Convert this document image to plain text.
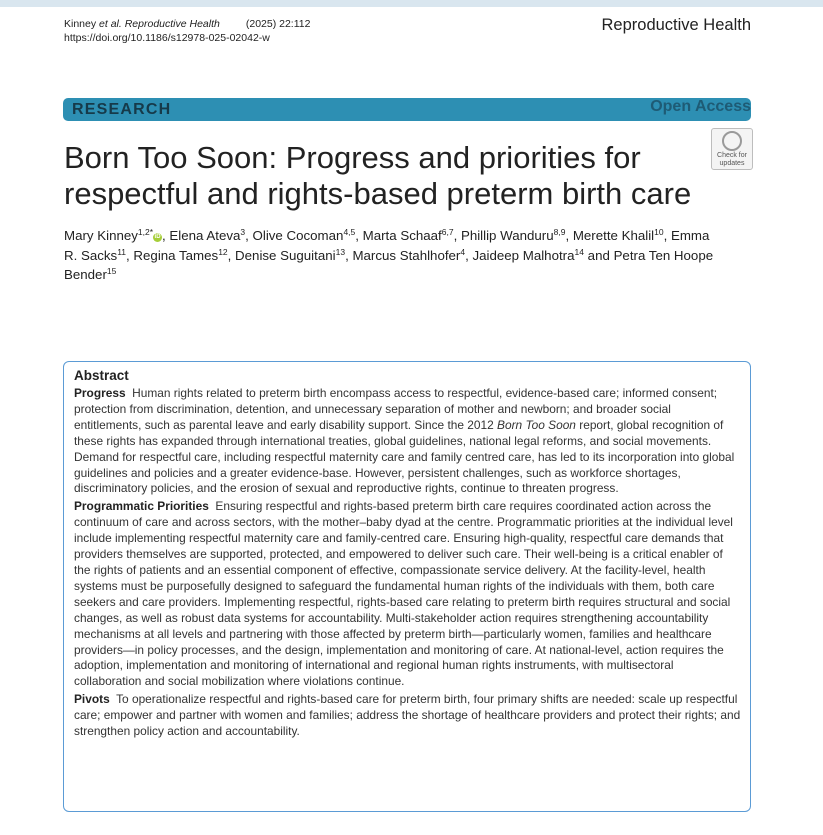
Kinney et al. Reproductive Health (2025) 22:112
https://doi.org/10.1186/s12978-025-02042-w
Reproductive Health
RESEARCH	Open Access
Check for
updates
Born Too Soon: Progress and priorities for respectful and rights-based preterm birth care
Mary Kinney$^{1,2*}$ iD , Elena Ateva$^3$, Olive Cocoman$^{4,5}$, Marta Schaaf$^{6,7}$, Phillip Wanduru$^{8,9}$, Merette Khalil$^{10}$, Emma R. Sacks$^{11}$, Regina Tames$^{12}$, Denise Suguitani$^{13}$, Marcus Stahlhofer$^4$, Jaideep Malhotra$^{14}$ and Petra Ten Hoope Bender$^{15}$
Abstract

Progress Human rights related to preterm birth encompass access to respectful, evidence-based care; informed consent; protection from discrimination, detention, and unnecessary separation of mother and newborn; and broader social entitlements, such as parental leave and early disability support. Since the 2012 Born Too Soon report, global recognition of these rights has expanded through international treaties, global guidelines, national legal reforms, and social movements. Demand for respectful care, including respectful maternity care and family centred care, has led to its incorporation into global guidelines and policies and a greater evidence-base. However, persistent challenges, such as workforce shortages, discriminatory policies, and the erosion of sexual and reproductive rights, continue to threaten progress.

Programmatic Priorities Ensuring respectful and rights-based preterm birth care requires coordinated action across the continuum of care and across sectors, with the mother–baby dyad at the centre. Programmatic priorities at the individual level include implementing respectful maternity care and family-centred care. Ensuring high-quality, respectful care demands that providers themselves are supported, protected, and empowered to deliver such care. Their well-being is a critical enabler of the rights of patients and an essential component of effective, compassionate service delivery. At the facility-level, health systems must be purposefully designed to safeguard the fundamental human rights of the individuals with them, both care seekers and care providers. Implementing respectful, rights-based care relating to preterm birth requires structural and social changes, as well as robust data systems for accountability. Multi-stakeholder action requires strengthening accountability mechanisms at all levels and partnering with those affected by preterm birth—particularly women, families and healthcare providers—in policy processes, and the design, implementation and monitoring of care. At national-level, action requires the adoption, implementation and monitoring of international and regional human rights instruments, with multisectoral collaboration and social mobilization where violations continue.

Pivots To operationalize respectful and rights-based care for preterm birth, four primary shifts are needed: scale up respectful care; empower and partner with women and families; address the shortage of healthcare providers and protect their rights; and strengthen policy action and accountability.
